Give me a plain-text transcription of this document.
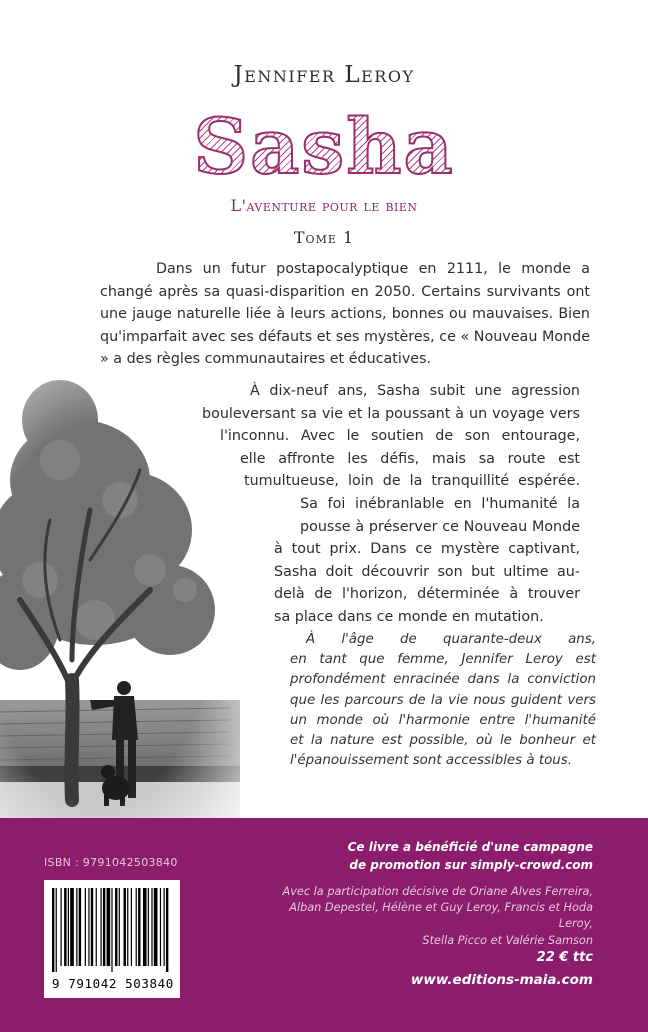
Jennifer Leroy
Sasha
L'aventure pour le bien
Tome 1

Dans un futur postapocalyptique en 2111, le monde a changé après sa quasi-disparition en 2050. Certains survivants ont une jauge naturelle liée à leurs actions, bonnes ou mauvaises. Bien qu'imparfait avec ses défauts et ses mystères, ce « Nouveau Monde » a des règles communautaires et éducatives.

À dix-neuf ans, Sasha subit une agression
bouleversant sa vie et la poussant à un voyage vers
l'inconnu. Avec le soutien de son entourage,
elle affronte les défis, mais sa route est
tumultueuse, loin de la tranquillité espérée.
Sa foi inébranlable en l'humanité la
pousse à préserver ce Nouveau Monde
à tout prix. Dans ce mystère captivant,
Sasha doit découvrir son but ultime au-
delà de l'horizon, déterminée à trouver
sa place dans ce monde en mutation.
À l'âge de quarante-deux ans,
en tant que femme, Jennifer Leroy est
profondément enracinée dans la conviction
que les parcours de la vie nous guident vers
un monde où l'harmonie entre l'humanité
et la nature est possible, où le bonheur et
l'épanouissement sont accessibles à tous.
Ce livre a bénéficié d'une campagne
de promotion sur simply-crowd.com
Avec la participation décisive de Oriane Alves Ferreira,
Alban Depestel, Hélène et Guy Leroy, Francis et Hoda Leroy,
Stella Picco et Valérie Samson
22 € ttc
www.editions-maia.com
ISBN : 9791042503840
9 791042 503840
